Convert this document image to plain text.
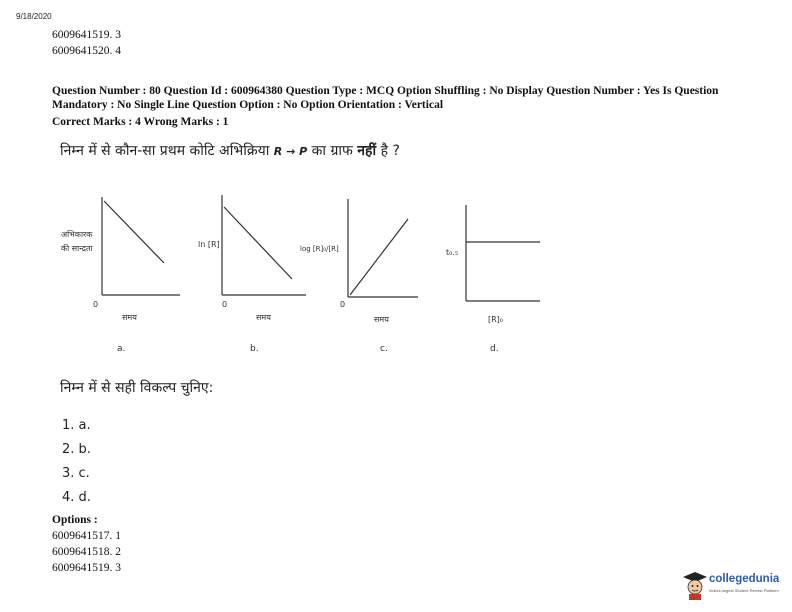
9/18/2020
6009641519. 3
6009641520. 4
Question Number : 80 Question Id : 600964380 Question Type : MCQ Option Shuffling : No Display Question Number : Yes Is Question
Mandatory : No Single Line Question Option : No Option Orientation : Vertical
Correct Marks : 4 Wrong Marks : 1
निम्न में से कौन-सा प्रथम कोटि अभिक्रिया R → P का ग्राफ नहीं है ?
अभिकारक
की सान्द्रता
0
समय
a.
ln [R]
0
समय
b.
log [R]₀/[R]
0
समय
c.
t₀.₅
[R]₀
d.
निम्न में से सही विकल्प चुनिए:
1. a.
2. b.
3. c.
4. d.
Options :
6009641517. 1
6009641518. 2
6009641519. 3
collegedunia
India's largest Student Review Platform
